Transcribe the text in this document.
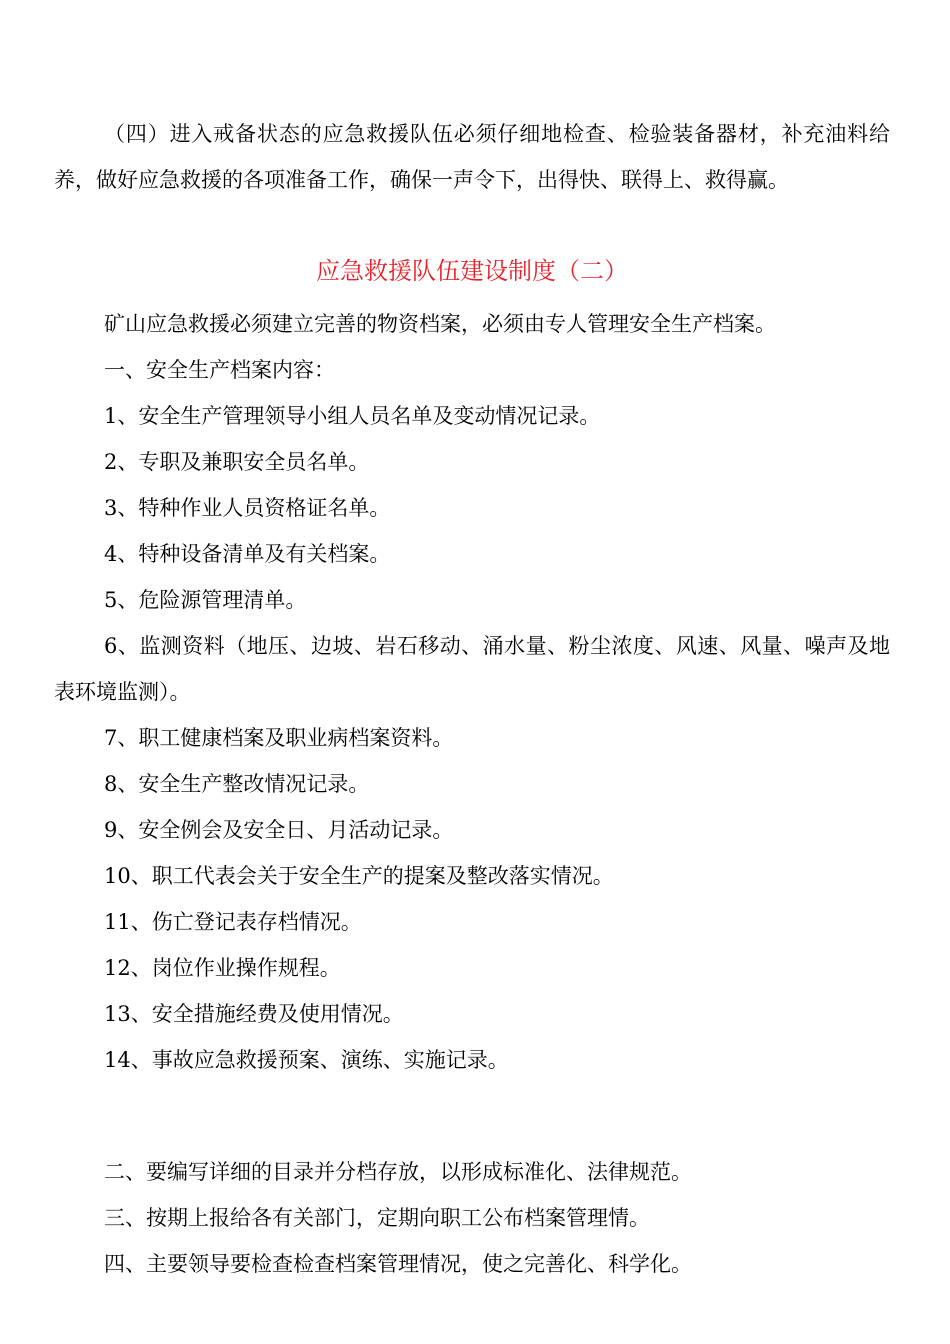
（四）进入戒备状态的应急救援队伍必须仔细地检查、检验装备器材，补充油料给养，做好应急救援的各项准备工作，确保一声令下，出得快、联得上、救得赢。
应急救援队伍建设制度（二）
矿山应急救援必须建立完善的物资档案，必须由专人管理安全生产档案。
一、安全生产档案内容：
1、安全生产管理领导小组人员名单及变动情况记录。
2、专职及兼职安全员名单。
3、特种作业人员资格证名单。
4、特种设备清单及有关档案。
5、危险源管理清单。
6、监测资料（地压、边坡、岩石移动、涌水量、粉尘浓度、风速、风量、噪声及地表环境监测）。
7、职工健康档案及职业病档案资料。
8、安全生产整改情况记录。
9、安全例会及安全日、月活动记录。
10、职工代表会关于安全生产的提案及整改落实情况。
11、伤亡登记表存档情况。
12、岗位作业操作规程。
13、安全措施经费及使用情况。
14、事故应急救援预案、演练、实施记录。
二、要编写详细的目录并分档存放，以形成标准化、法律规范。
三、按期上报给各有关部门，定期向职工公布档案管理情。
四、主要领导要检查检查档案管理情况，使之完善化、科学化。
